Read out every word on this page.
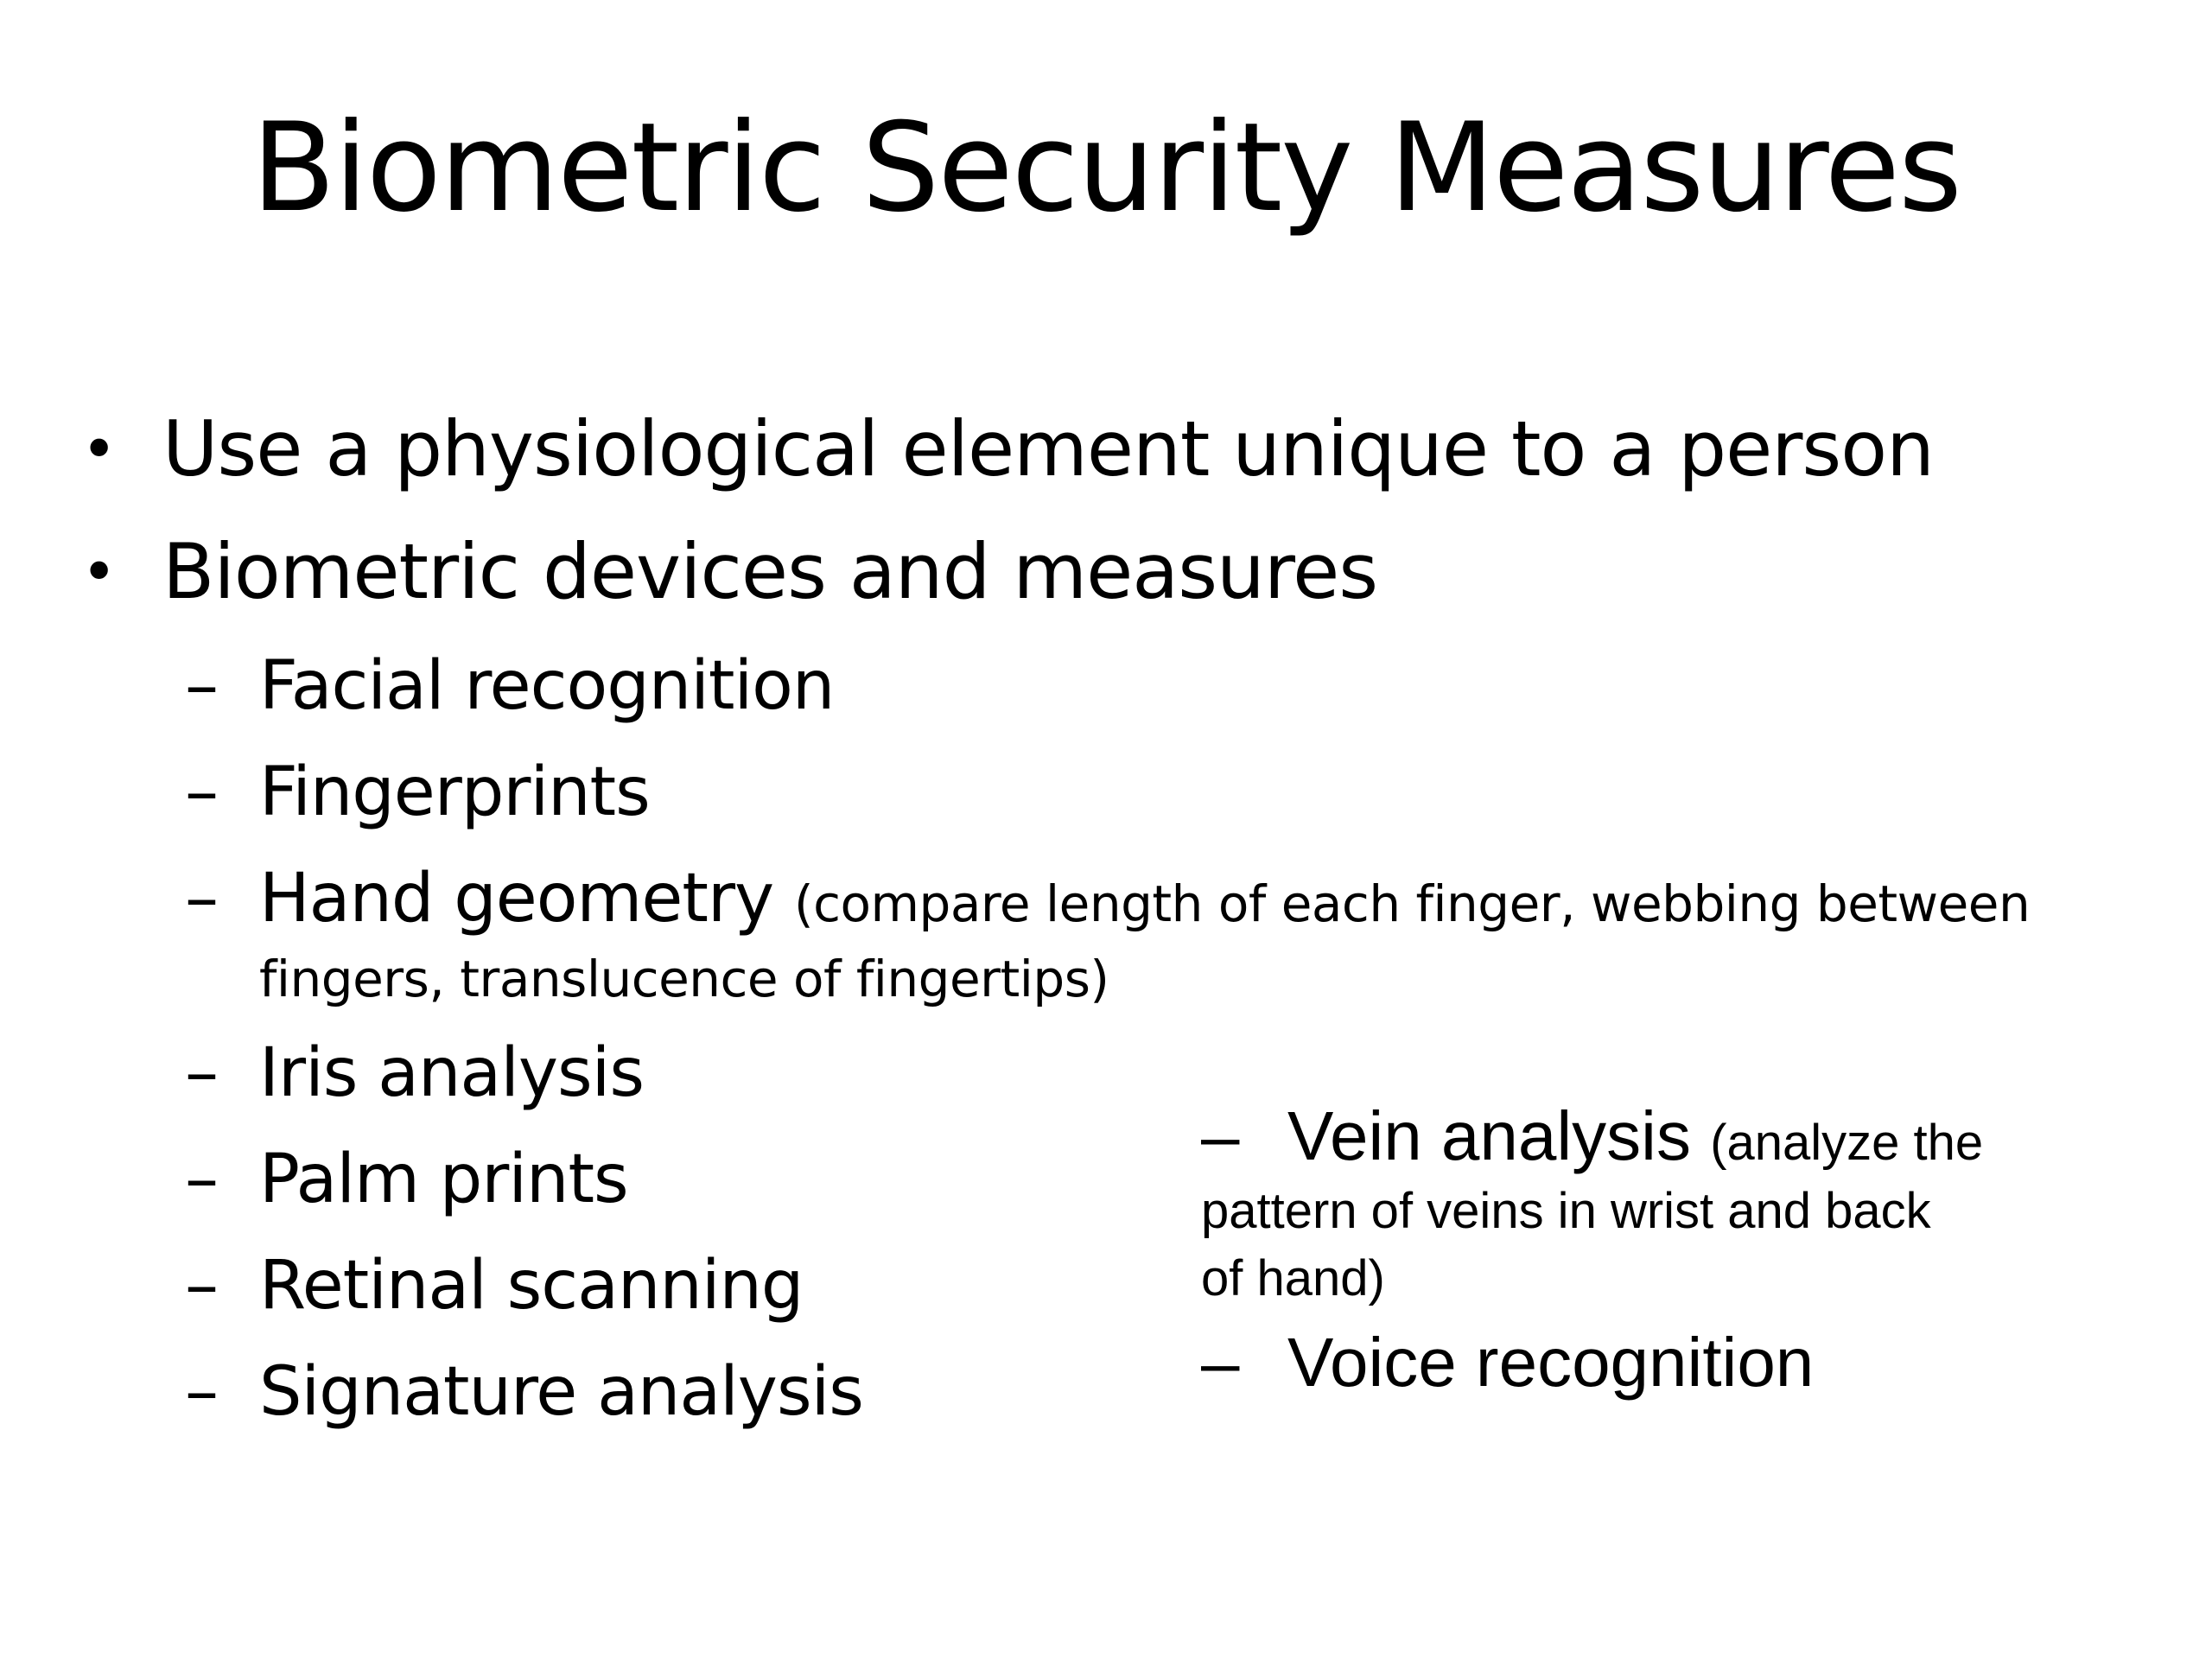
Biometric Security Measures
• Use a physiological element unique to a person
• Biometric devices and measures
– Facial recognition
– Fingerprints
– Hand geometry (compare length of each finger, webbing between
fingers, translucence of fingertips)
– Iris analysis
– Palm prints
– Retinal scanning
– Signature analysis
– Vein analysis (analyze the
pattern of veins in wrist and back
of hand)
– Voice recognition
